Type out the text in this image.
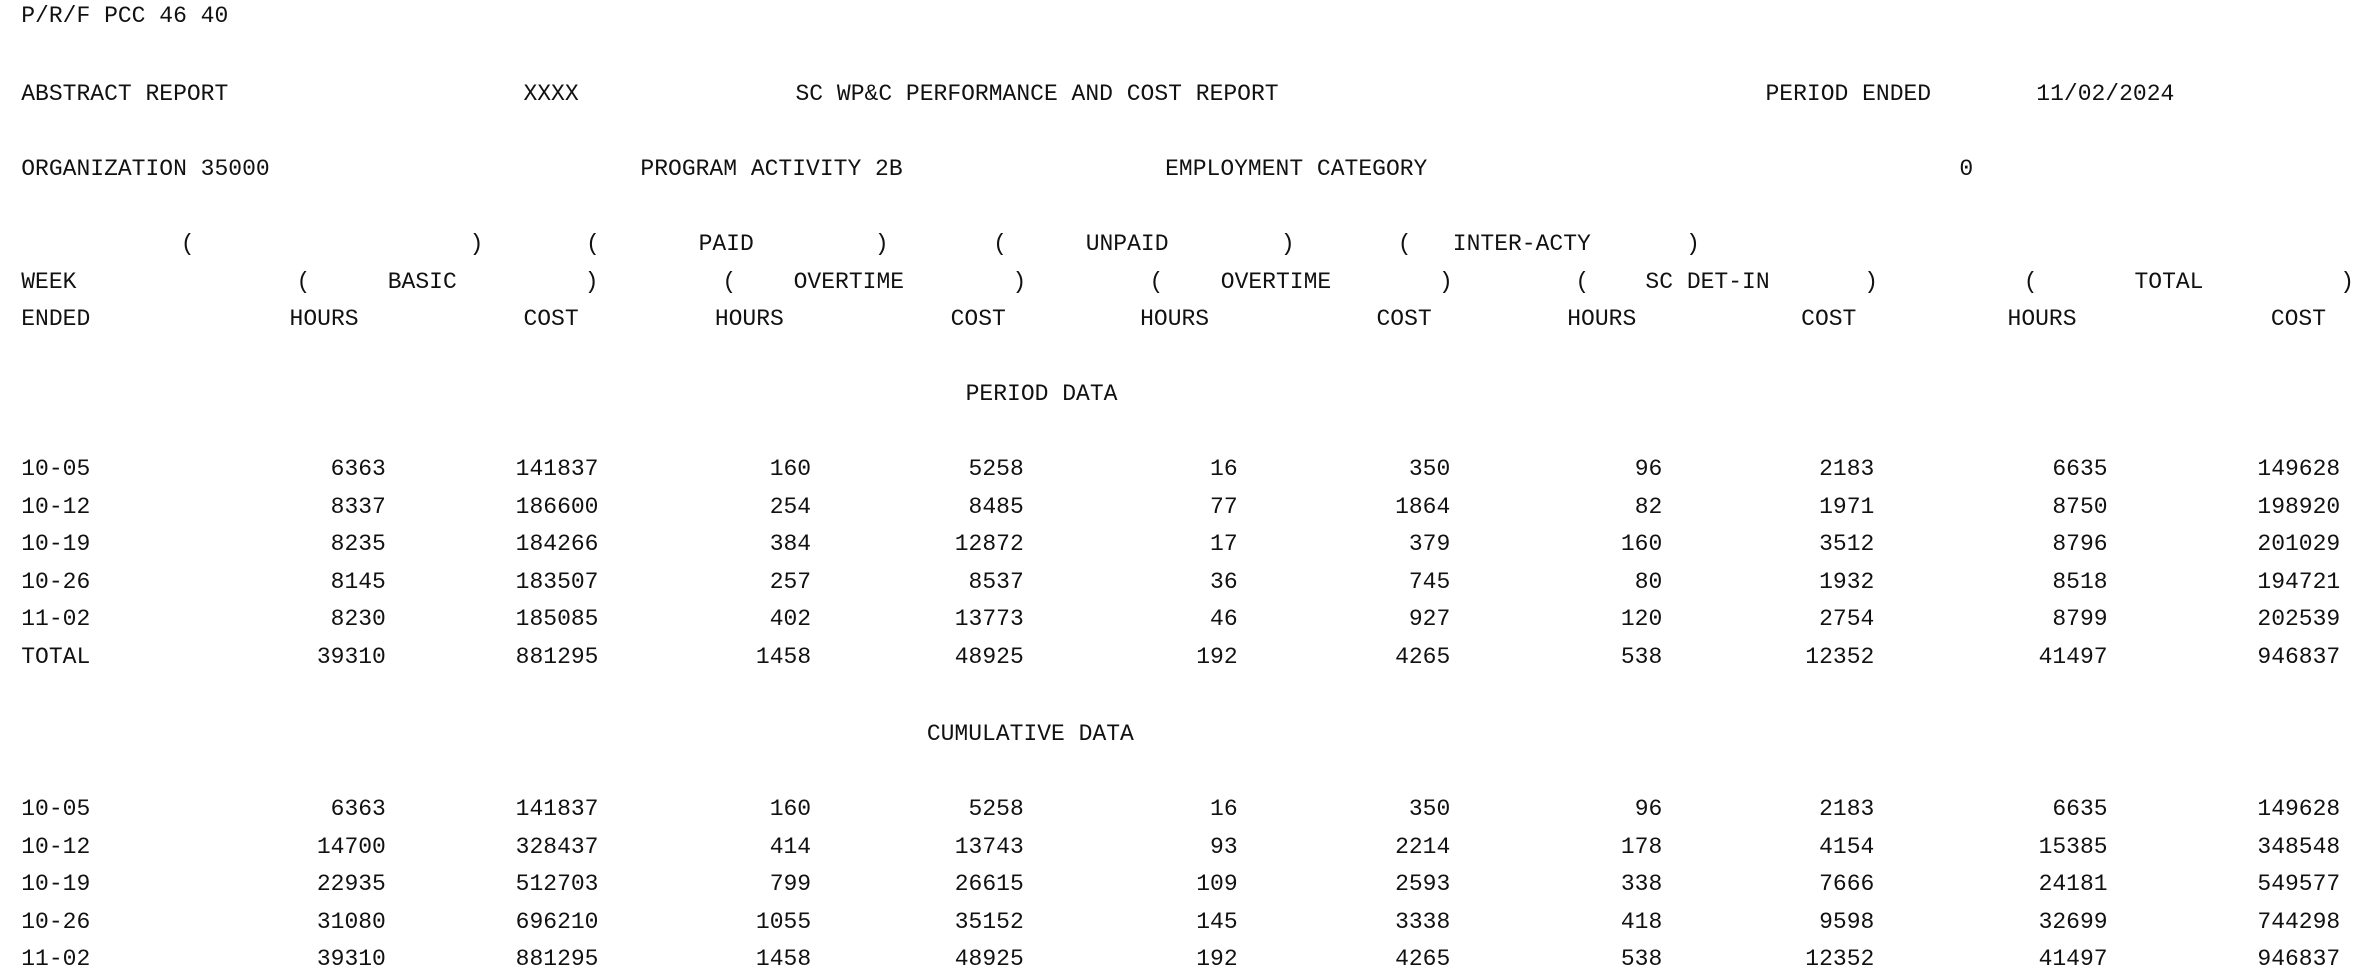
P/R/F PCC 46 40
ABSTRACT REPORT	XXXX	SC WP&C PERFORMANCE AND COST REPORT	PERIOD ENDED	11/02/2024
ORGANIZATION 35000	PROGRAM ACTIVITY 2B	EMPLOYMENT CATEGORY	0
(	)	(	PAID	)	(	UNPAID	)	( INTER-ACTY	)
WEEK	(	BASIC	)	( OVERTIME	)	( OVERTIME	)	( SC DET-IN	)	(	TOTAL	)
ENDED	HOURS	COST	HOURS	COST	HOURS	COST	HOURS	COST	HOURS	COST
PERIOD DATA
CUMULATIVE DATA
10-05	6363	141837	160	5258	16	350	96	2183	6635	149628
10-12	8337	186600	254	8485	77	1864	82	1971	8750	198920
10-19	8235	184266	384	12872	17	379	160	3512	8796	201029
10-26	8145	183507	257	8537	36	745	80	1932	8518	194721
11-02	8230	185085	402	13773	46	927	120	2754	8799	202539
TOTAL	39310	881295	1458	48925	192	4265	538	12352	41497	946837
10-05	6363	141837	160	5258	16	350	96	2183	6635	149628
10-12	14700	328437	414	13743	93	2214	178	4154	15385	348548
10-19	22935	512703	799	26615	109	2593	338	7666	24181	549577
10-26	31080	696210	1055	35152	145	3338	418	9598	32699	744298
11-02	39310	881295	1458	48925	192	4265	538	12352	41497	946837
